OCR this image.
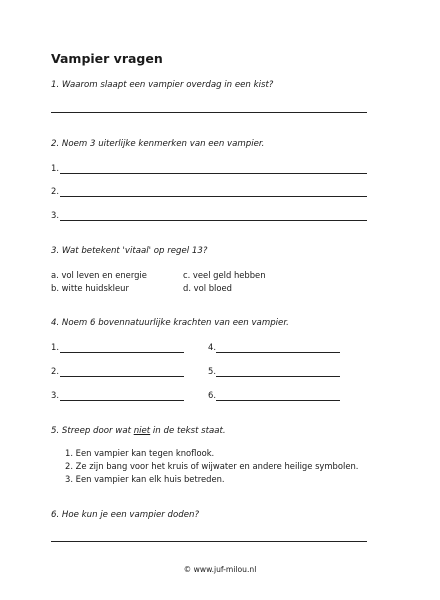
Vampier vragen
1. Waarom slaapt een vampier overdag in een kist?
2. Noem 3 uiterlijke kenmerken van een vampier.
1.
2.
3.
3. Wat betekent 'vitaal' op regel 13?
a. vol leven en energie	c. veel geld hebben
b. witte huidskleur	d. vol bloed
4. Noem 6 bovennatuurlijke krachten van een vampier.
1.	4.
2.	5.
3.	6.
5. Streep door wat niet in de tekst staat.
1. Een vampier kan tegen knoflook.
2. Ze zijn bang voor het kruis of wijwater en andere heilige symbolen.
3. Een vampier kan elk huis betreden.
6. Hoe kun je een vampier doden?
© www.juf-milou.nl
